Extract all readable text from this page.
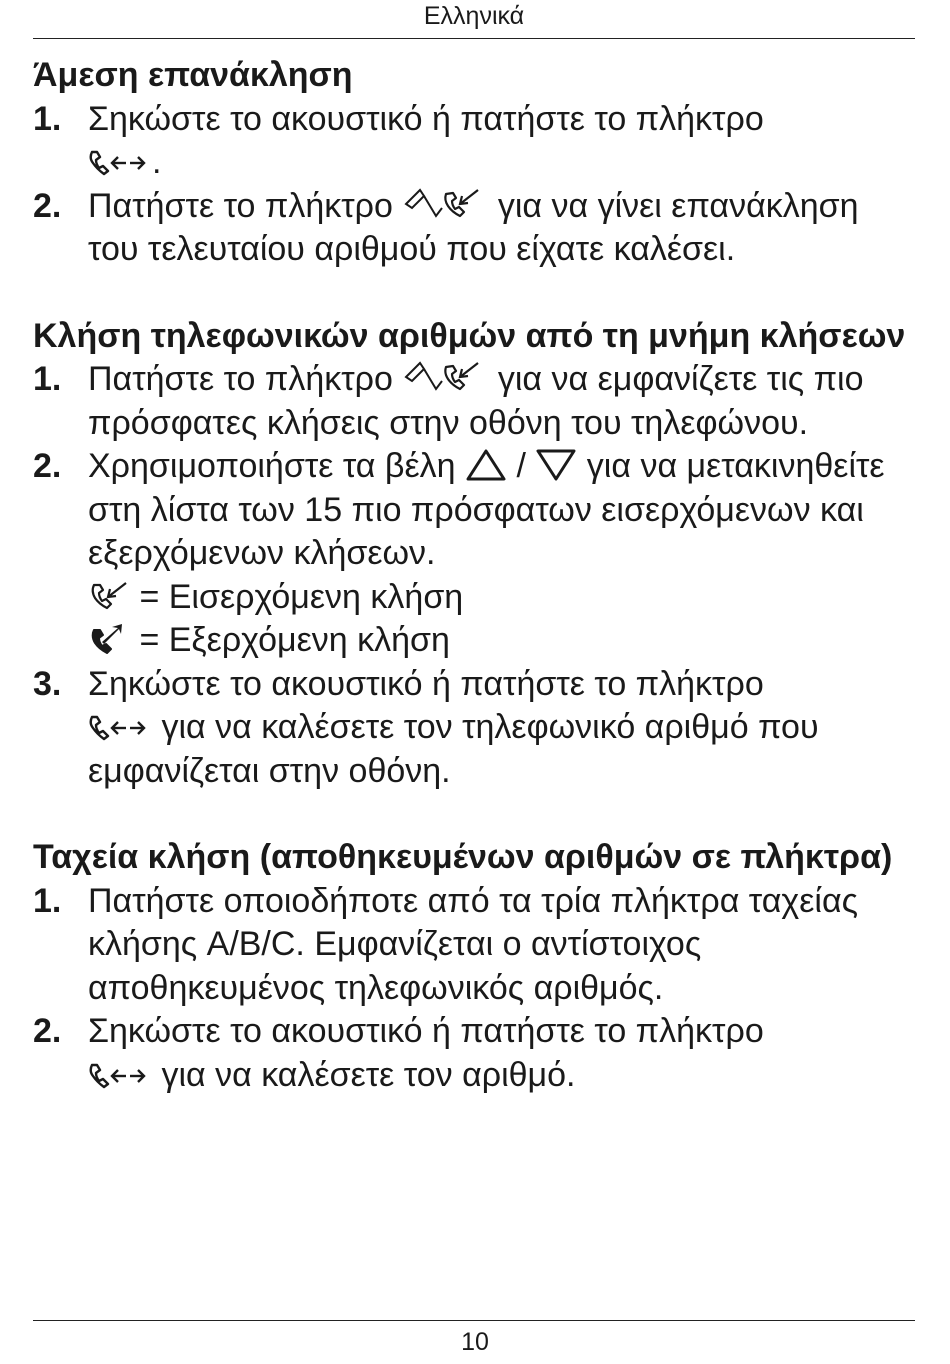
Ελληνικά
Άμεση επανάκληση
1. Σηκώστε το ακουστικό ή πατήστε το πλήκτρο

.
2. Πατήστε το πλήκτρο	για να γίνει επανάκληση του τελευταίου αριθμού που είχατε καλέσει.
Κλήση τηλεφωνικών αριθμών από τη μνήμη κλήσεων
1. Πατήστε το πλήκτρο	για να εμφανίζετε τις πιο πρόσφατες κλήσεις στην οθόνη του τηλεφώνου.
2. Χρησιμοποιήστε τα βέλη / για να μετακινηθείτε στη λίστα των 15 πιο πρόσφατων εισερχόμενων και εξερχόμενων κλήσεων.
= Εισερχόμενη κλήση
= Εξερχόμενη κλήση
3. Σηκώστε το ακουστικό ή πατήστε το πλήκτρο

για να καλέσετε τον τηλεφωνικό αριθμό που εμφανίζεται στην οθόνη.
Ταχεία κλήση (αποθηκευμένων αριθμών σε πλήκτρα)
1. Πατήστε οποιοδήποτε από τα τρία πλήκτρα ταχείας κλήσης A/B/C. Εμφανίζεται ο αντίστοιχος αποθηκευμένος τηλεφωνικός αριθμός.
2. Σηκώστε το ακουστικό ή πατήστε το πλήκτρο

για να καλέσετε τον αριθμό.
10
